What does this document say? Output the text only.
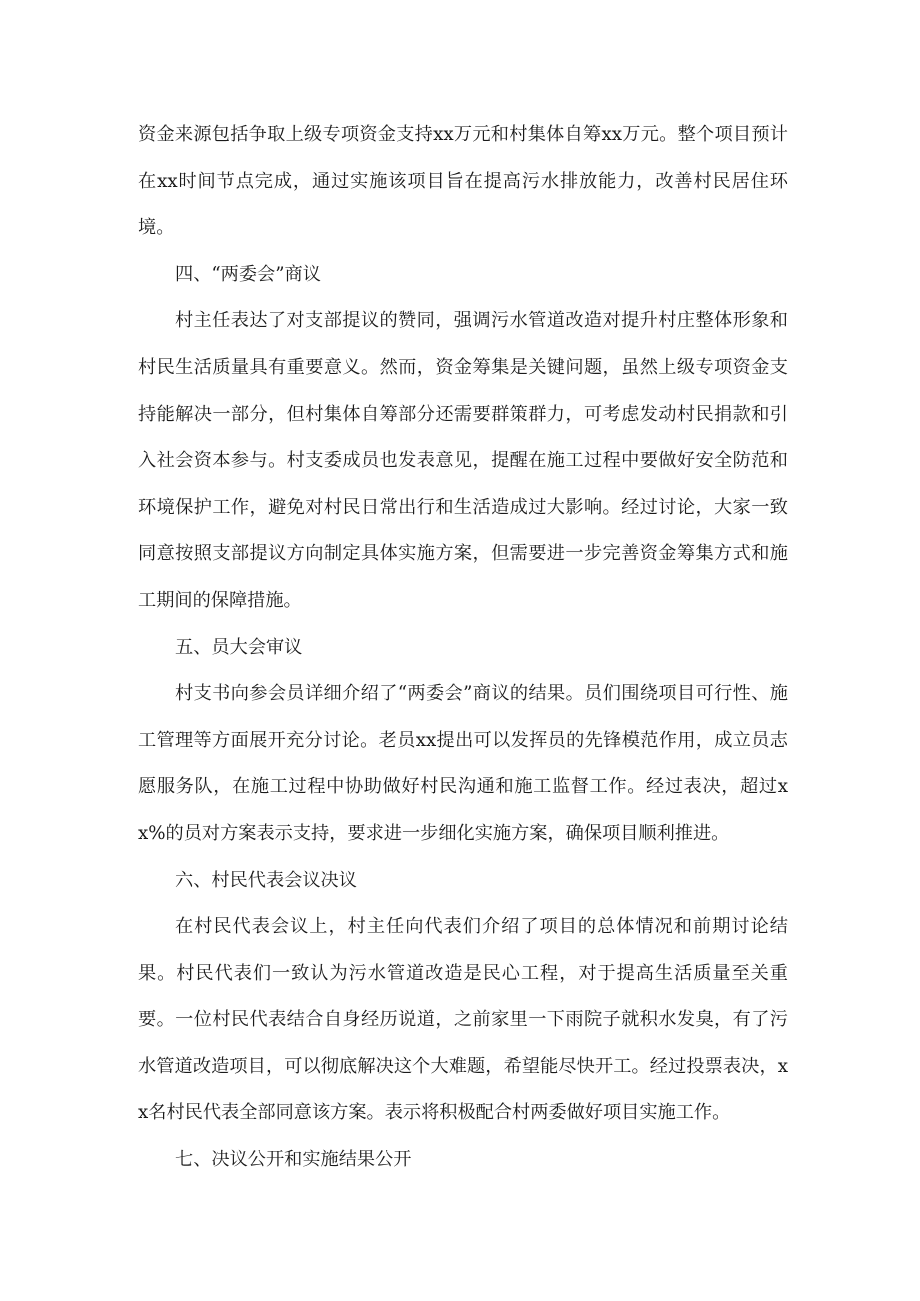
资金来源包括争取上级专项资金支持xx万元和村集体自筹xx万元。整个项目预计在xx时间节点完成，通过实施该项目旨在提高污水排放能力，改善村民居住环境。

四、“两委会”商议

村主任表达了对支部提议的赞同，强调污水管道改造对提升村庄整体形象和村民生活质量具有重要意义。然而，资金筹集是关键问题，虽然上级专项资金支持能解决一部分，但村集体自筹部分还需要群策群力，可考虑发动村民捐款和引入社会资本参与。村支委成员也发表意见，提醒在施工过程中要做好安全防范和环境保护工作，避免对村民日常出行和生活造成过大影响。经过讨论，大家一致同意按照支部提议方向制定具体实施方案，但需要进一步完善资金筹集方式和施工期间的保障措施。

五、员大会审议

村支书向参会员详细介绍了“两委会”商议的结果。员们围绕项目可行性、施工管理等方面展开充分讨论。老员xx提出可以发挥员的先锋模范作用，成立员志愿服务队，在施工过程中协助做好村民沟通和施工监督工作。经过表决，超过xx%的员对方案表示支持，要求进一步细化实施方案，确保项目顺利推进。

六、村民代表会议决议

在村民代表会议上，村主任向代表们介绍了项目的总体情况和前期讨论结果。村民代表们一致认为污水管道改造是民心工程，对于提高生活质量至关重要。一位村民代表结合自身经历说道，之前家里一下雨院子就积水发臭，有了污水管道改造项目，可以彻底解决这个大难题，希望能尽快开工。经过投票表决，xx名村民代表全部同意该方案。表示将积极配合村两委做好项目实施工作。

七、决议公开和实施结果公开
